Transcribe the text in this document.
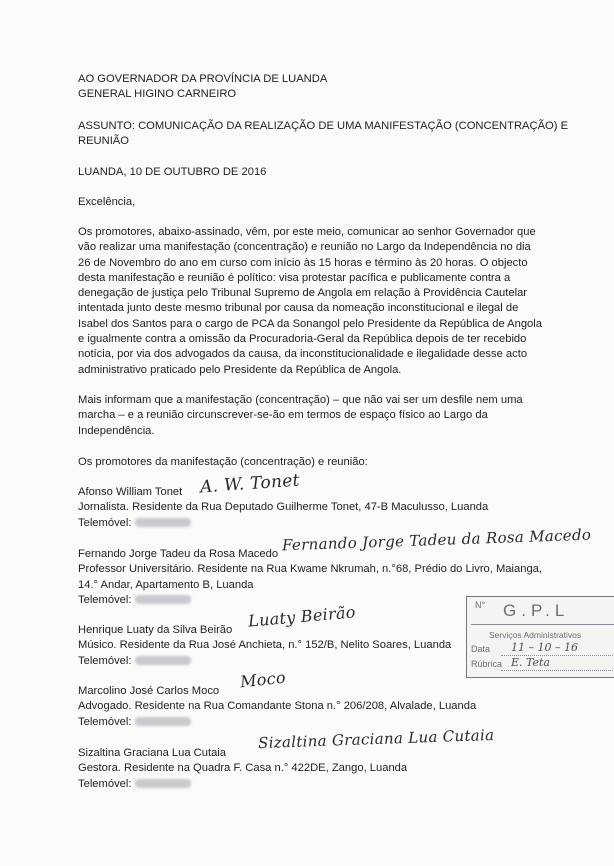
AO GOVERNADOR DA PROVÍNCIA DE LUANDA

GENERAL HIGINO CARNEIRO

ASSUNTO: COMUNICAÇÃO DA REALIZAÇÃO DE UMA MANIFESTAÇÃO (CONCENTRAÇÃO) E

REUNIÃO

LUANDA, 10 DE OUTUBRO DE 2016

Excelência,

Os promotores, abaixo-assinado, vêm, por este meio, comunicar ao senhor Governador que

vão realizar uma manifestação (concentração) e reunião no Largo da Independência no dia

26 de Novembro do ano em curso com início às 15 horas e término às 20 horas. O objecto

desta manifestação e reunião é político: visa protestar pacífica e publicamente contra a

denegação de justiça pelo Tribunal Supremo de Angola em relação à Providência Cautelar

intentada junto deste mesmo tribunal por causa da nomeação inconstitucional e ilegal de

Isabel dos Santos para o cargo de PCA da Sonangol pelo Presidente da República de Angola

e igualmente contra a omissão da Procuradoria-Geral da República depois de ter recebido

notícia, por via dos advogados da causa, da inconstitucionalidade e ilegalidade desse acto

administrativo praticado pelo Presidente da República de Angola.

Mais informam que a manifestação (concentração) – que não vai ser um desfile nem uma

marcha – e a reunião circunscrever-se-ão em termos de espaço físico ao Largo da

Independência.

Os promotores da manifestação (concentração) e reunião:

Afonso William Tonet

Jornalista. Residente da Rua Deputado Guilherme Tonet, 47-B Maculusso, Luanda

Telemóvel:

A. W. Tonet

Fernando Jorge Tadeu da Rosa Macedo

Professor Universitário. Residente na Rua Kwame Nkrumah, n.°68, Prédio do Livro, Maianga,

14.° Andar, Apartamento B, Luanda

Telemóvel:

Fernando Jorge Tadeu da Rosa Macedo

Henrique Luaty da Silva Beirão

Músico. Residente da Rua José Anchieta, n.° 152/B, Nelito Soares, Luanda

Telemóvel:

Luaty Beirão

Marcolino José Carlos Moco

Advogado. Residente na Rua Comandante Stona n.° 206/208, Alvalade, Luanda

Telemóvel:

Moco

Sizaltina Graciana Lua Cutaia

Gestora. Residente na Quadra F. Casa n.° 422DE, Zango, Luanda

Telemóvel:

Sizaltina Graciana Lua Cutaia
N° G.P.L
Serviços Administrativos
Data 11 – 10 – 16
Rúbrica E. Teta
